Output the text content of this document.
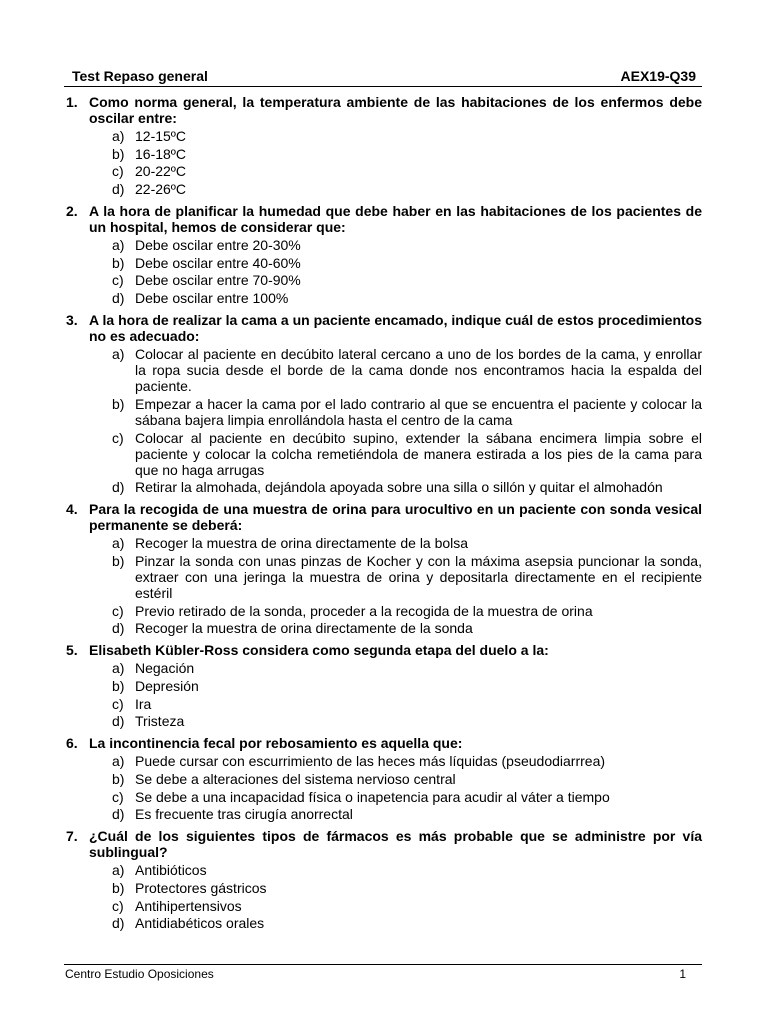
Test Repaso general	AEX19-Q39
1. Como norma general, la temperatura ambiente de las habitaciones de los enfermos debe oscilar entre:
a) 12-15ºC
b) 16-18ºC
c) 20-22ºC
d) 22-26ºC
2. A la hora de planificar la humedad que debe haber en las habitaciones de los pacientes de un hospital, hemos de considerar que:
a) Debe oscilar entre 20-30%
b) Debe oscilar entre 40-60%
c) Debe oscilar entre 70-90%
d) Debe oscilar entre 100%
3. A la hora de realizar la cama a un paciente encamado, indique cuál de estos procedimientos no es adecuado:
a) Colocar al paciente en decúbito lateral cercano a uno de los bordes de la cama, y enrollar la ropa sucia desde el borde de la cama donde nos encontramos hacia la espalda del paciente.
b) Empezar a hacer la cama por el lado contrario al que se encuentra el paciente y colocar la sábana bajera limpia enrollándola hasta el centro de la cama
c) Colocar al paciente en decúbito supino, extender la sábana encimera limpia sobre el paciente y colocar la colcha remetiéndola de manera estirada a los pies de la cama para que no haga arrugas
d) Retirar la almohada, dejándola apoyada sobre una silla o sillón y quitar el almohadón
4. Para la recogida de una muestra de orina para urocultivo en un paciente con sonda vesical permanente se deberá:
a) Recoger la muestra de orina directamente de la bolsa
b) Pinzar la sonda con unas pinzas de Kocher y con la máxima asepsia puncionar la sonda, extraer con una jeringa la muestra de orina y depositarla directamente en el recipiente estéril
c) Previo retirado de la sonda, proceder a la recogida de la muestra de orina
d) Recoger la muestra de orina directamente de la sonda
5. Elisabeth Kübler-Ross considera como segunda etapa del duelo a la:
a) Negación
b) Depresión
c) Ira
d) Tristeza
6. La incontinencia fecal por rebosamiento es aquella que:
a) Puede cursar con escurrimiento de las heces más líquidas (pseudodiarrrea)
b) Se debe a alteraciones del sistema nervioso central
c) Se debe a una incapacidad física o inapetencia para acudir al váter a tiempo
d) Es frecuente tras cirugía anorrectal
7. ¿Cuál de los siguientes tipos de fármacos es más probable que se administre por vía sublingual?
a) Antibióticos
b) Protectores gástricos
c) Antihipertensivos
d) Antidiabéticos orales
Centro Estudio Oposiciones	1
